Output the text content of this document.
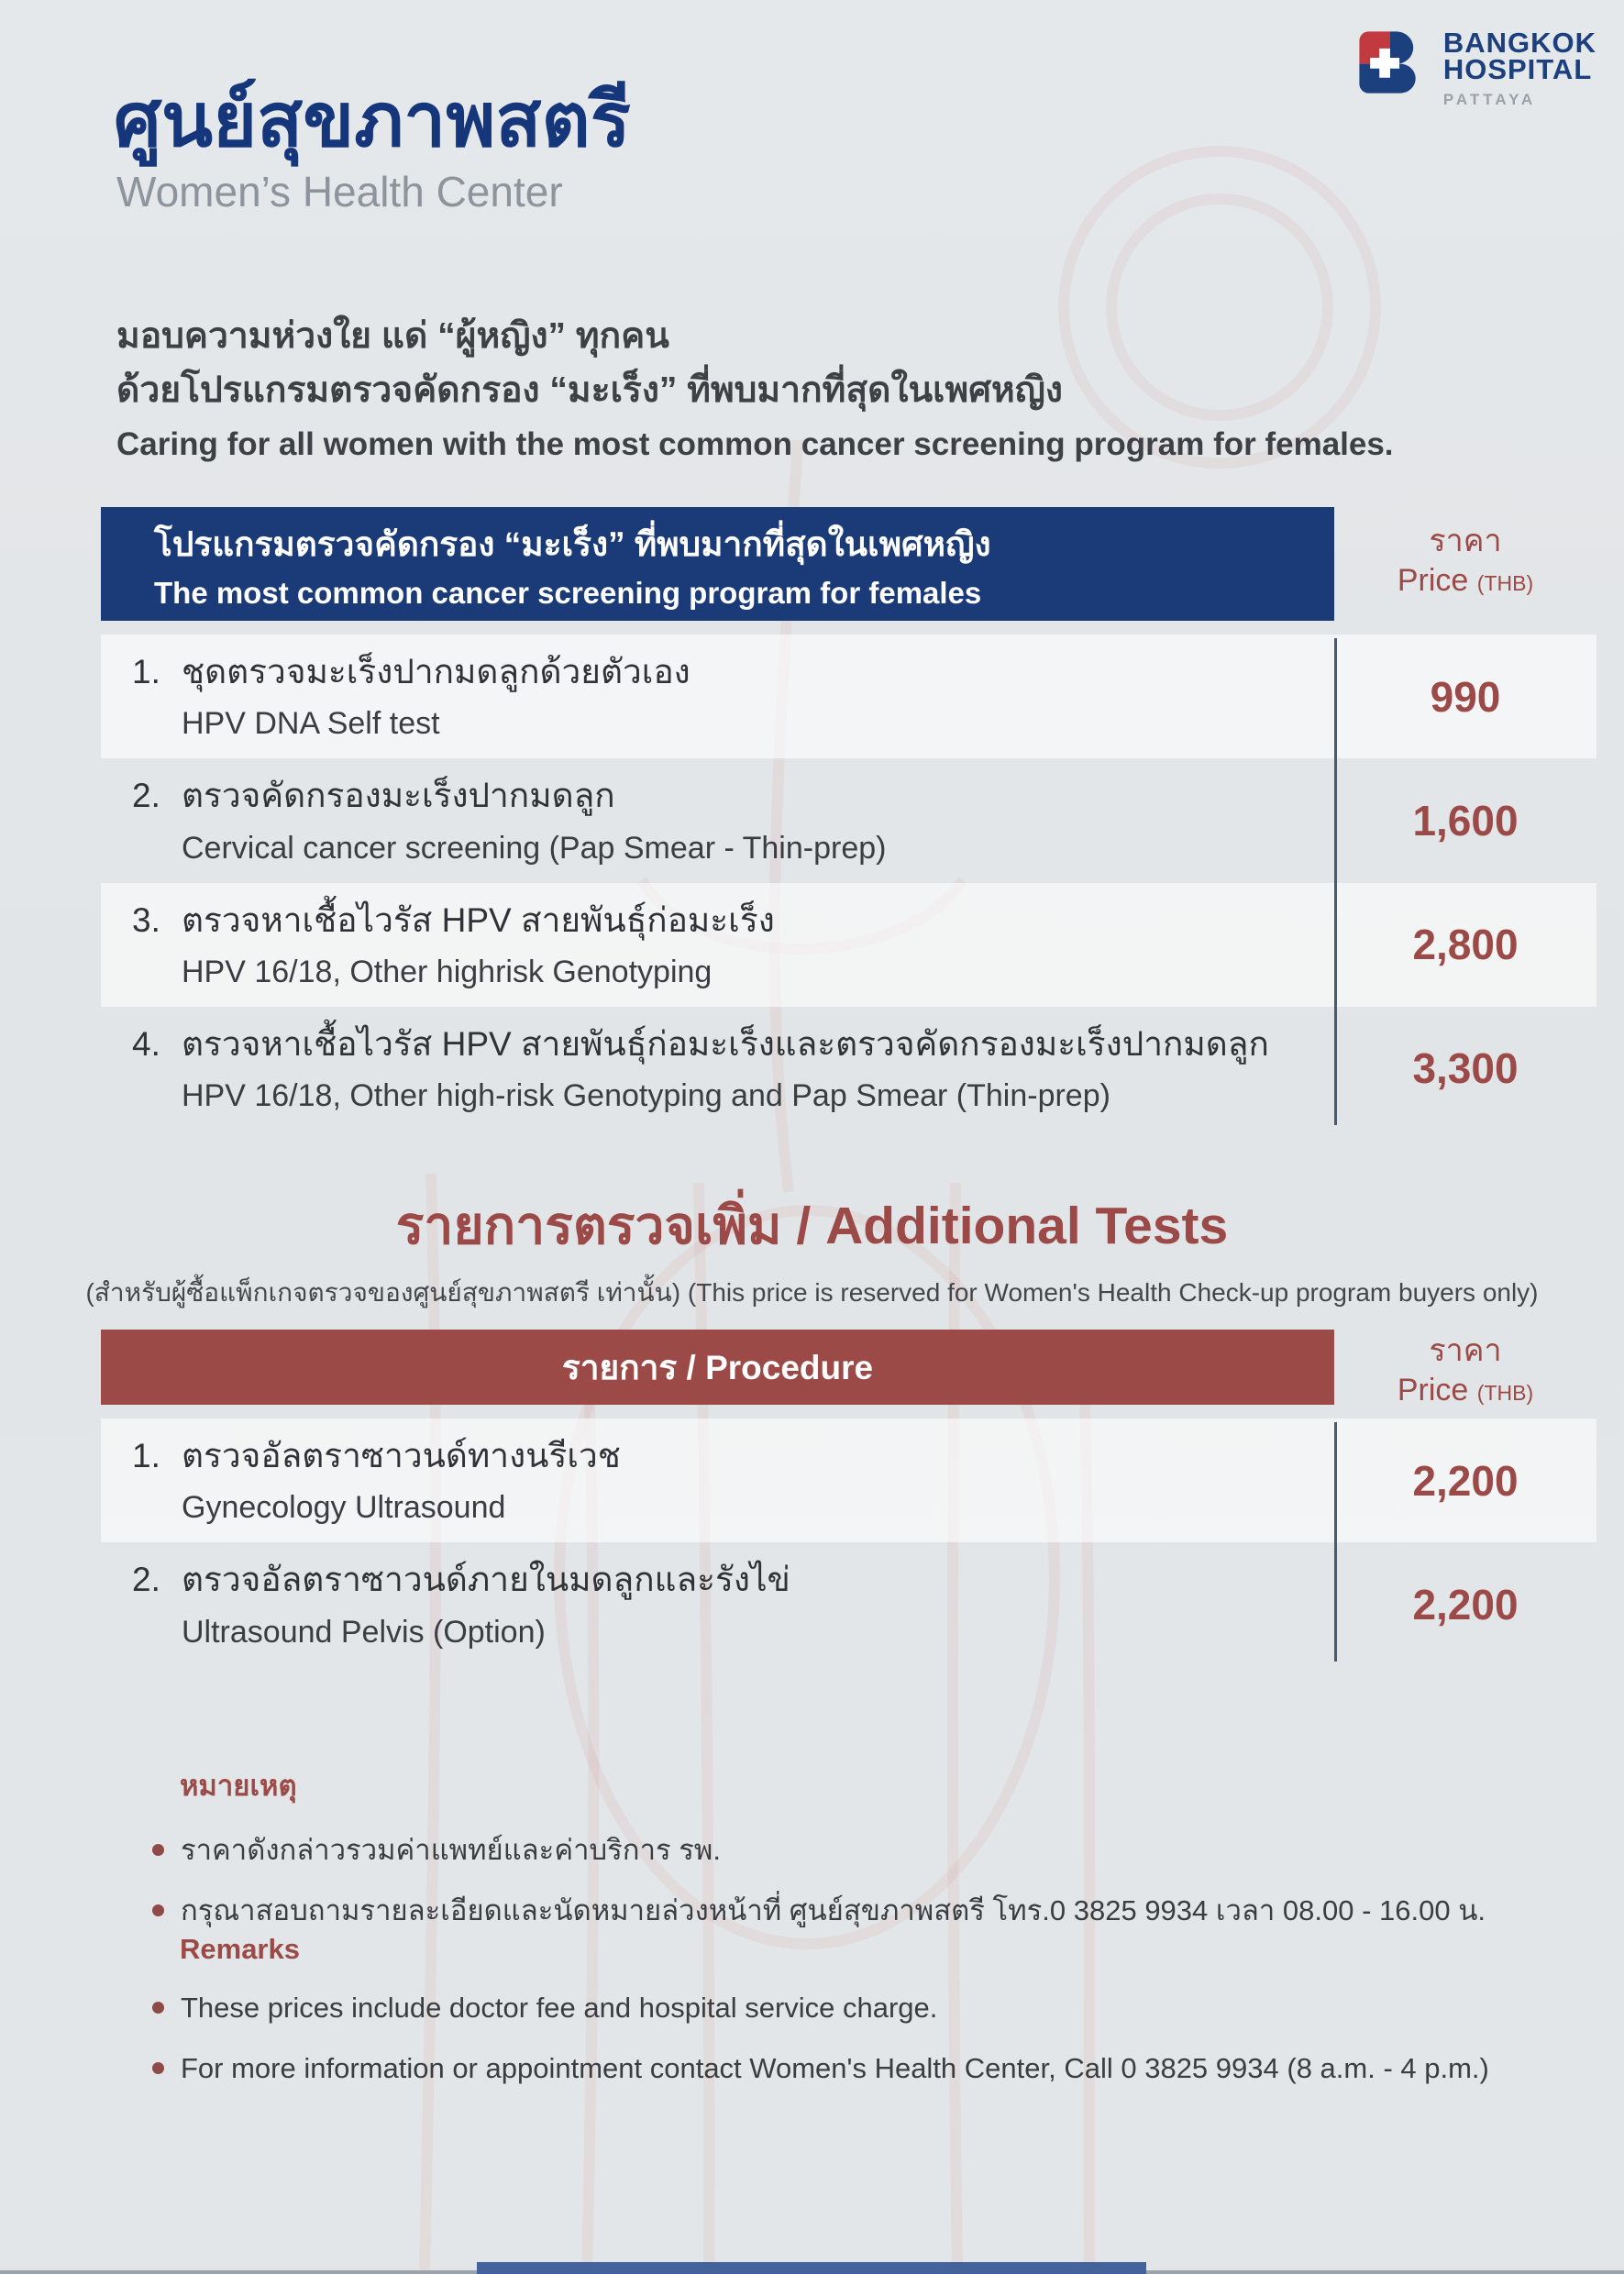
BANGKOK
HOSPITAL
PATTAYA
ศูนย์สุขภาพสตรี
Women’s Health Center
มอบความห่วงใย แด่ “ผู้หญิง” ทุกคน
ด้วยโปรแกรมตรวจคัดกรอง “มะเร็ง” ที่พบมากที่สุดในเพศหญิง
Caring for all women with the most common cancer screening program for females.
โปรแกรมตรวจคัดกรอง “มะเร็ง” ที่พบมากที่สุดในเพศหญิง
The most common cancer screening program for females
ราคา
Price (THB)
1. ชุดตรวจมะเร็งปากมดลูกด้วยตัวเอง
HPV DNA Self test
990
2. ตรวจคัดกรองมะเร็งปากมดลูก
Cervical cancer screening (Pap Smear - Thin-prep)
1,600
3. ตรวจหาเชื้อไวรัส HPV สายพันธุ์ก่อมะเร็ง
HPV 16/18, Other highrisk Genotyping
2,800
4. ตรวจหาเชื้อไวรัส HPV สายพันธุ์ก่อมะเร็งและตรวจคัดกรองมะเร็งปากมดลูก
HPV 16/18, Other high-risk Genotyping and Pap Smear (Thin-prep)
3,300
รายการตรวจเพิ่ม / Additional Tests
(สำหรับผู้ซื้อแพ็กเกจตรวจของศูนย์สุขภาพสตรี เท่านั้น) (This price is reserved for Women's Health Check-up program buyers only)
รายการ / Procedure	ราคา
Price (THB)
1. ตรวจอัลตราซาวนด์ทางนรีเวช
Gynecology Ultrasound
2,200
2. ตรวจอัลตราซาวนด์ภายในมดลูกและรังไข่
Ultrasound Pelvis (Option)
2,200
หมายเหตุ
ราคาดังกล่าวรวมค่าแพทย์และค่าบริการ รพ.
กรุณาสอบถามรายละเอียดและนัดหมายล่วงหน้าที่ ศูนย์สุขภาพสตรี โทร.0 3825 9934 เวลา 08.00 - 16.00 น.
Remarks
These prices include doctor fee and hospital service charge.
For more information or appointment contact Women's Health Center, Call 0 3825 9934 (8 a.m. - 4 p.m.)
